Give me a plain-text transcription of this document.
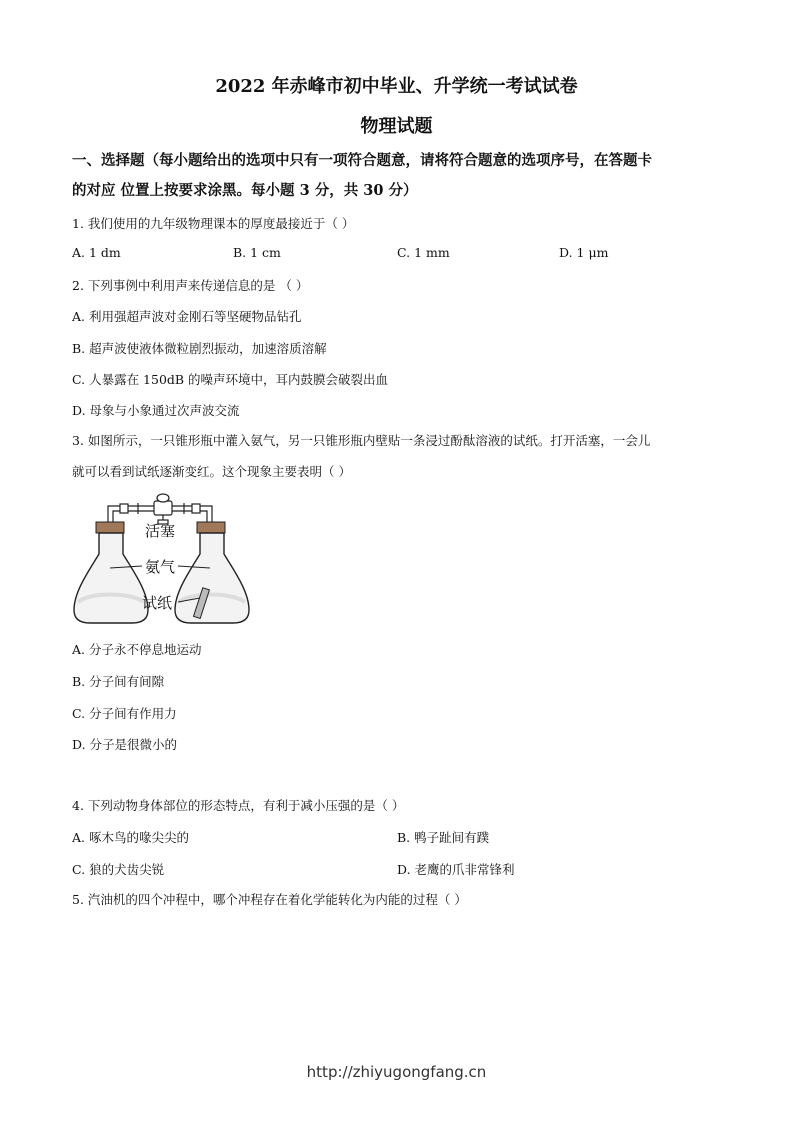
2022 年赤峰市初中毕业、升学统一考试试卷
物理试题
一、选择题（每小题给出的选项中只有一项符合题意，请将符合题意的选项序号，在答题卡
的对应 位置上按要求涂黑。每小题 3 分，共 30 分）
1. 我们使用的九年级物理课本的厚度最接近于（ ）
A. 1 dm	B. 1 cm	C. 1 mm	D. 1 μm
2. 下列事例中利用声来传递信息的是 （ ）
A. 利用强超声波对金刚石等坚硬物品钻孔
B. 超声波使液体微粒剧烈振动，加速溶质溶解
C. 人暴露在 150dB 的噪声环境中，耳内鼓膜会破裂出血
D. 母象与小象通过次声波交流
3. 如图所示，一只锥形瓶中灌入氨气，另一只锥形瓶内壁贴一条浸过酚酞溶液的试纸。打开活塞，一会儿
就可以看到试纸逐渐变红。这个现象主要表明（ ）
活塞
氨气
试纸
A. 分子永不停息地运动
B. 分子间有间隙
C. 分子间有作用力
D. 分子是很微小的
4. 下列动物身体部位的形态特点，有利于减小压强的是（ ）
A. 啄木鸟的喙尖尖的	B. 鸭子趾间有蹼
C. 狼的犬齿尖锐	D. 老鹰的爪非常锋利
5. 汽油机的四个冲程中，哪个冲程存在着化学能转化为内能的过程（ ）
http://zhiyugongfang.cn
